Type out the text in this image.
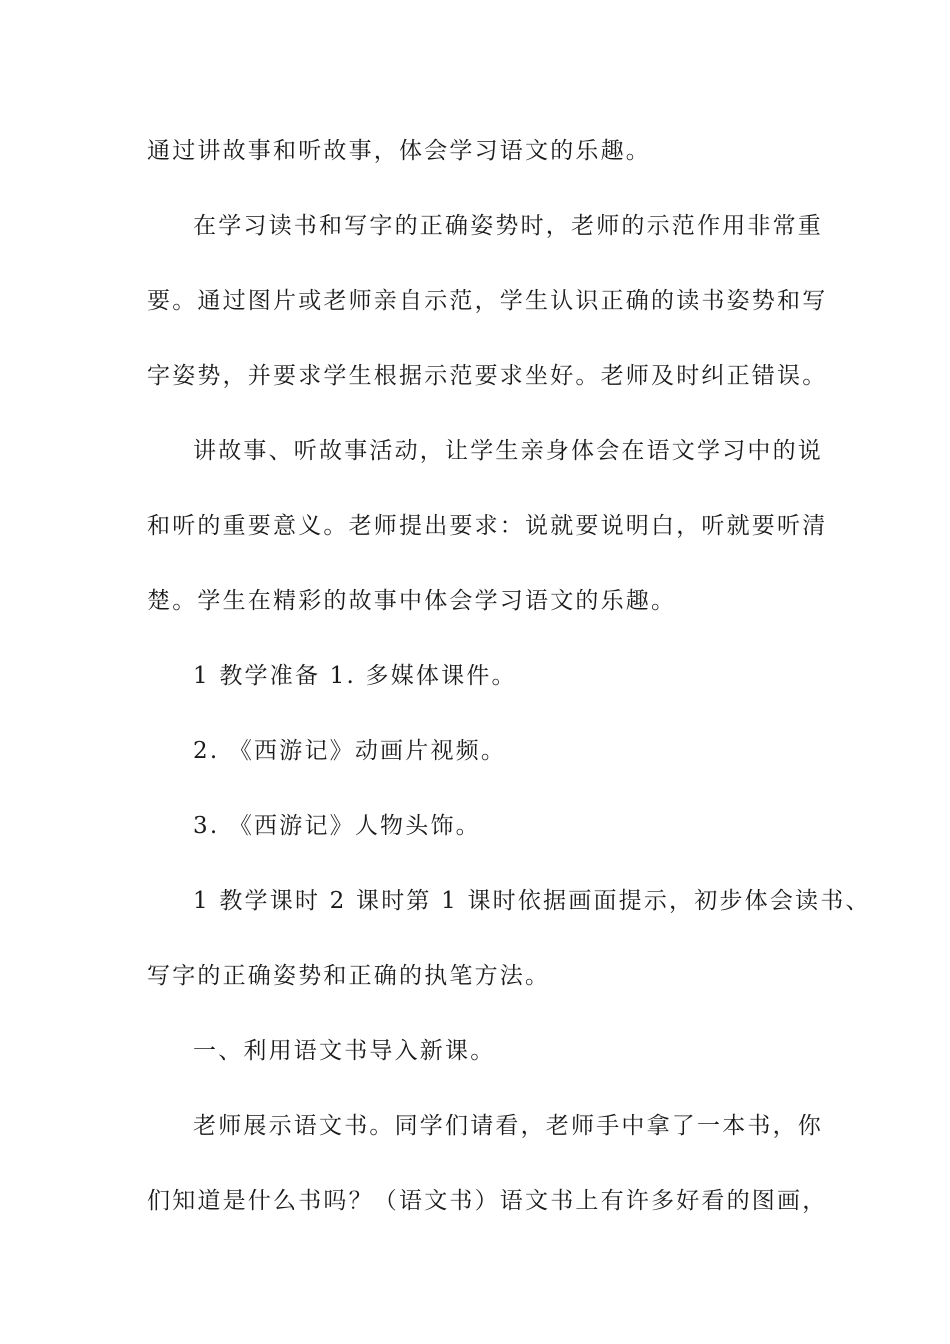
通过讲故事和听故事，体会学习语文的乐趣。
在学习读书和写字的正确姿势时，老师的示范作用非常重
要。通过图片或老师亲自示范，学生认识正确的读书姿势和写
字姿势，并要求学生根据示范要求坐好。老师及时纠正错误。
讲故事、听故事活动，让学生亲身体会在语文学习中的说
和听的重要意义。老师提出要求：说就要说明白，听就要听清
楚。学生在精彩的故事中体会学习语文的乐趣。
1 教学准备 1. 多媒体课件。
2. 《西游记》动画片视频。
3. 《西游记》人物头饰。
1 教学课时 2 课时第 1 课时依据画面提示，初步体会读书、
写字的正确姿势和正确的执笔方法。
一、利用语文书导入新课。
老师展示语文书。同学们请看，老师手中拿了一本书，你
们知道是什么书吗？（语文书）语文书上有许多好看的图画，
